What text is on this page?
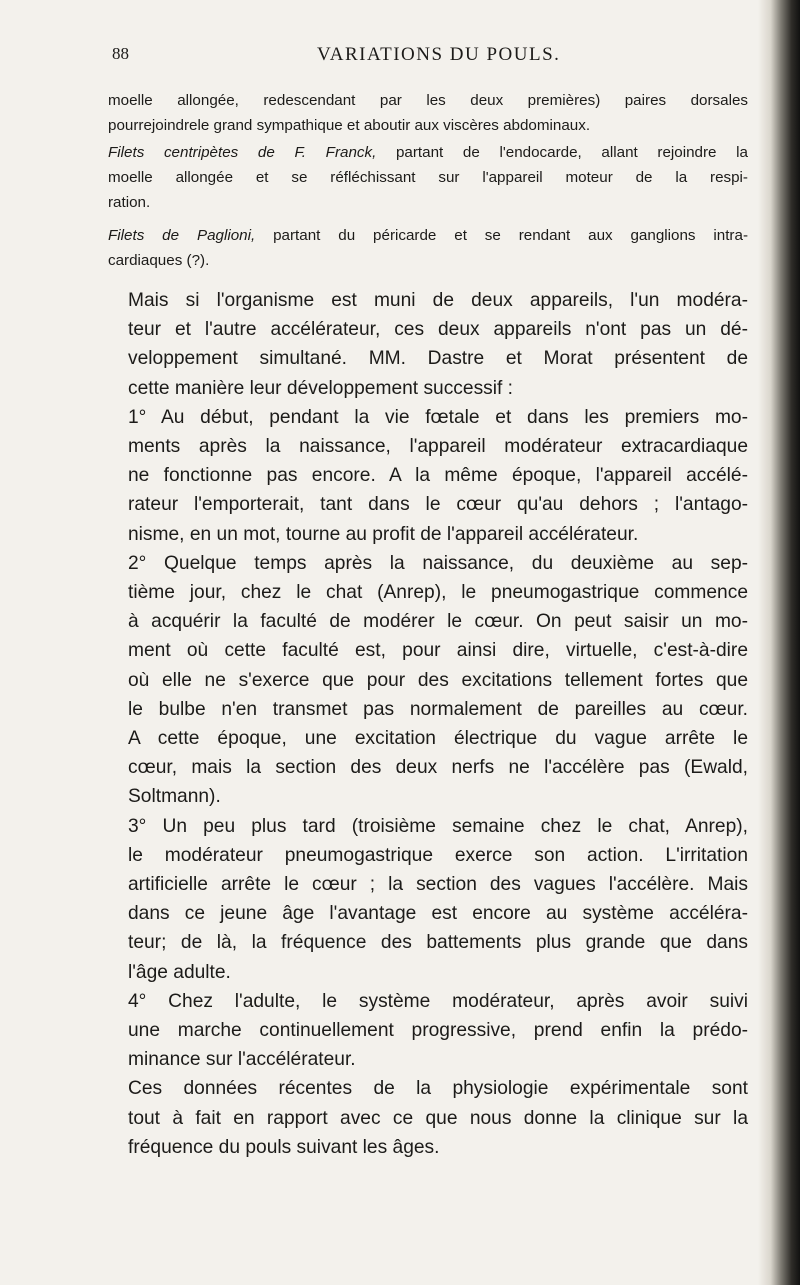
88	VARIATIONS DU POULS.

moelle allongée, redescendant par les deux premières) paires dorsales
pourrejoindrele grand sympathique et aboutir aux viscères abdominaux.

Filets centripètes de F. Franck, partant de l'endocarde, allant rejoindre la
moelle allongée et se réfléchissant sur l'appareil moteur de la respi-
ration.

Filets de Paglioni, partant du péricarde et se rendant aux ganglions intra-
cardiaques (?).

Mais si l'organisme est muni de deux appareils, l'un modéra-
teur et l'autre accélérateur, ces deux appareils n'ont pas un dé-
veloppement simultané. MM. Dastre et Morat présentent de
cette manière leur développement successif :

1° Au début, pendant la vie fœtale et dans les premiers mo-
ments après la naissance, l'appareil modérateur extracardiaque
ne fonctionne pas encore. A la même époque, l'appareil accélé-
rateur l'emporterait, tant dans le cœur qu'au dehors ; l'antago-
nisme, en un mot, tourne au profit de l'appareil accélérateur.

2° Quelque temps après la naissance, du deuxième au sep-
tième jour, chez le chat (Anrep), le pneumogastrique commence
à acquérir la faculté de modérer le cœur. On peut saisir un mo-
ment où cette faculté est, pour ainsi dire, virtuelle, c'est-à-dire
où elle ne s'exerce que pour des excitations tellement fortes que
le bulbe n'en transmet pas normalement de pareilles au cœur.
A cette époque, une excitation électrique du vague arrête le
cœur, mais la section des deux nerfs ne l'accélère pas (Ewald,
Soltmann).

3° Un peu plus tard (troisième semaine chez le chat, Anrep),
le modérateur pneumogastrique exerce son action. L'irritation
artificielle arrête le cœur ; la section des vagues l'accélère. Mais
dans ce jeune âge l'avantage est encore au système accéléra-
teur; de là, la fréquence des battements plus grande que dans
l'âge adulte.

4° Chez l'adulte, le système modérateur, après avoir suivi
une marche continuellement progressive, prend enfin la prédo-
minance sur l'accélérateur.

Ces données récentes de la physiologie expérimentale sont
tout à fait en rapport avec ce que nous donne la clinique sur la
fréquence du pouls suivant les âges.
